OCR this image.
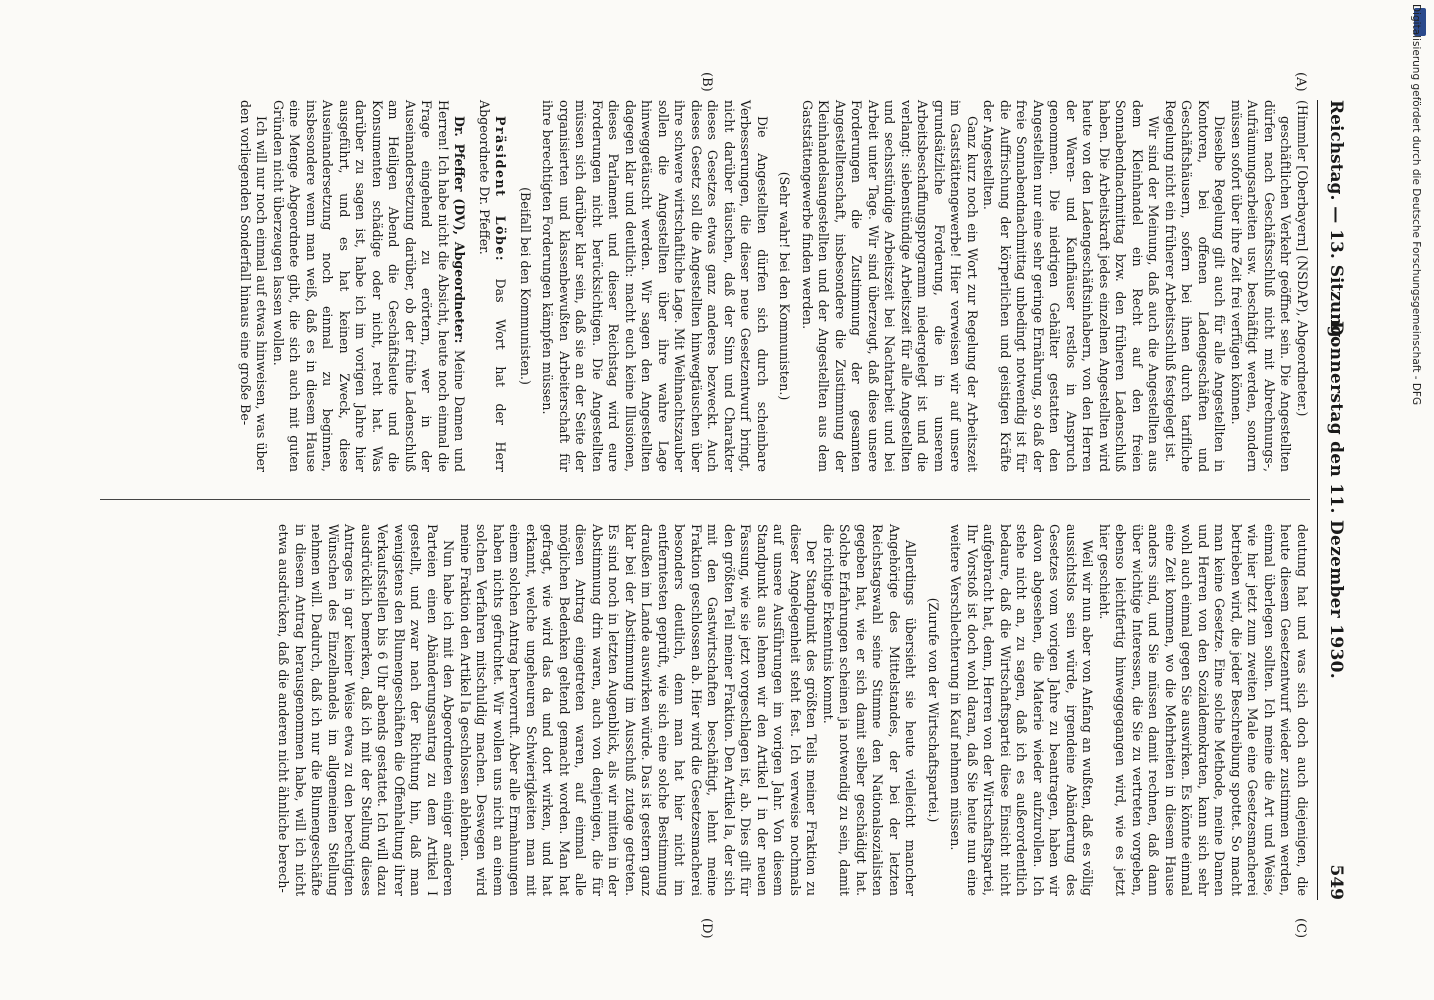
Reichstag. — 13. Sitzung.
Donnerstag den 11. Dezember 1930.
549
(A)
(B)
(C)
(D)

(Himmler [Oberbayern] (NSDAP), Abgeordneter.)

geschäftlichen Verkehr geöffnet sein. Die Angestellten dürfen nach Geschäftsschluß nicht mit Abrechnungs-, Aufräumungsarbeiten usw. beschäftigt werden, sondern müssen sofort über ihre Zeit frei verfügen können.

Dieselbe Regelung gilt auch für alle Angestellten in Kontoren, bei offenen Ladengeschäften und Geschäftshäusern, sofern bei ihnen durch tarifliche Regelung nicht ein früherer Arbeitsschluß festgelegt ist.

Wir sind der Meinung, daß auch die Angestellten aus dem Kleinhandel ein Recht auf den freien Sonnabendnachmittag bzw. den früheren Ladenschluß haben. Die Arbeitskraft jedes einzelnen Angestellten wird heute von den Ladengeschäftsinhabern, von den Herren der Waren- und Kaufhäuser restlos in Anspruch genommen. Die niedrigen Gehälter gestatten den Angestellten nur eine sehr geringe Ernährung, so daß der freie Sonnabendnachmittag unbedingt notwendig ist für die Auffrischung der körperlichen und geistigen Kräfte der Angestellten.

Ganz kurz noch ein Wort zur Regelung der Arbeitszeit im Gaststättengewerbe! Hier verweisen wir auf unsere grundsätzliche Forderung, die in unserem Arbeitsbeschaffungsprogramm niedergelegt ist und die verlangt: siebenstündige Arbeitszeit für alle Angestellten und sechsstündige Arbeitszeit bei Nachtarbeit und bei Arbeit unter Tage. Wir sind überzeugt, daß diese unsere Forderungen die Zustimmung der gesamten Angestelltenschaft, insbesondere die Zustimmung der Kleinhandelsangestellten und der Angestellten aus dem Gaststättengewerbe finden werden.

(Sehr wahr! bei den Kommunisten.)

Die Angestellten dürfen sich durch scheinbare Verbesserungen, die dieser neue Gesetzentwurf bringt, nicht darüber täuschen, daß der Sinn und Charakter dieses Gesetzes etwas ganz anderes bezweckt. Auch dieses Gesetz soll die Angestellten hinwegtäuschen über ihre schwere wirtschaftliche Lage. Mit Weihnachtszauber sollen die Angestellten über ihre wahre Lage hinweggetäuscht werden. Wir sagen den Angestellten dagegen klar und deutlich: macht euch keine Illusionen, dieses Parlament und dieser Reichstag wird eure Forderungen nicht berücksichtigen. Die Angestellten müssen sich darüber klar sein, daß sie an der Seite der organisierten und klassenbewußten Arbeiterschaft für ihre berechtigten Forderungen kämpfen müssen.

(Beifall bei den Kommunisten.)

Präsident Löbe: Das Wort hat der Herr Abgeordnete Dr. Pfeffer.

Dr. Pfeffer (DV), Abgeordneter: Meine Damen und Herren! Ich habe nicht die Absicht, heute noch einmal die Frage eingehend zu erörtern, wer in der Auseinandersetzung darüber, ob der frühe Ladenschluß am Heiligen Abend die Geschäftsleute und die Konsumenten schädige oder nicht, recht hat. Was darüber zu sagen ist, habe ich im vorigen Jahre hier ausgeführt, und es hat keinen Zweck, diese Auseinandersetzung noch einmal zu beginnen, insbesondere wenn man weiß, daß es in diesem Hause eine Menge Abgeordnete gibt, die sich auch mit guten Gründen nicht überzeugen lassen wollen.

Ich will nur noch einmal auf etwas hinweisen, was über den vorliegenden Sonderfall hinaus eine große Be-

deutung hat und was sich doch auch diejenigen, die heute diesem Gesetzentwurf wieder zustimmen werden, einmal überlegen sollten. Ich meine die Art und Weise, wie hier jetzt zum zweiten Male eine Gesetzesmacherei betrieben wird, die jeder Beschreibung spottet. So macht man keine Gesetze. Eine solche Methode, meine Damen und Herren von den Sozialdemokraten, kann sich sehr wohl auch einmal gegen Sie auswirken. Es könnte einmal eine Zeit kommen, wo die Mehrheiten in diesem Hause anders sind, und Sie müssen damit rechnen, daß dann über wichtige Interessen, die Sie zu vertreten vorgeben, ebenso leichtfertig hinweggegangen wird, wie es jetzt hier geschieht.

Weil wir nun aber von Anfang an wußten, daß es völlig aussichtslos sein würde, irgendeine Abänderung des Gesetzes vom vorigen Jahre zu beantragen, haben wir davon abgesehen, die Materie wieder aufzurollen. Ich stehe nicht an, zu sagen, daß ich es außerordentlich bedaure, daß die Wirtschaftspartei diese Einsicht nicht aufgebracht hat, denn, Herren von der Wirtschaftspartei, Ihr Vorstoß ist doch wohl daran, daß Sie heute nun eine weitere Verschlechterung in Kauf nehmen müssen.

(Zurufe von der Wirtschaftspartei.)

Allerdings übersieht sie heute vielleicht mancher Angehörige des Mittelstandes, der bei der letzten Reichstagswahl seine Stimme den Nationalsozialisten gegeben hat, wie er sich damit selber geschädigt hat. Solche Erfahrungen scheinen ja notwendig zu sein, damit die richtige Erkenntnis kommt.

Der Standpunkt des größten Teils meiner Fraktion zu dieser Angelegenheit steht fest. Ich verweise nochmals auf unsere Ausführungen im vorigen Jahr. Von diesem Standpunkt aus lehnen wir den Artikel I in der neuen Fassung, wie sie jetzt vorgeschlagen ist, ab. Dies gilt für den größten Teil meiner Fraktion. Den Artikel Ia, der sich mit den Gastwirtschaften beschäftigt, lehnt meine Fraktion geschlossen ab. Hier wird die Gesetzesmacherei besonders deutlich, denn man hat hier nicht im entferntesten geprüft, wie sich eine solche Bestimmung draußen im Lande auswirken würde. Das ist gestern ganz klar bei der Abstimmung im Ausschuß zutage getreten. Es sind noch in letzten Augenblick, als wir mitten in der Abstimmung drin waren, auch von denjenigen, die für diesen Antrag eingetreten waren, auf einmal alle möglichen Bedenken geltend gemacht worden. Man hat gefragt, wie wird das da und dort wirken, und hat erkannt, welche ungeheuren Schwierigkeiten man mit einem solchen Antrag hervorruft. Aber alle Ermahnungen haben nichts gefruchtet. Wir wollen uns nicht an einem solchen Verfahren mitschuldig machen. Deswegen wird meine Fraktion den Artikel Ia geschlossen ablehnen.

Nun habe ich mit den Abgeordneten einiger anderen Parteien einen Abänderungsantrag zu dem Artikel I gestellt, und zwar nach der Richtung hin, daß man wenigstens den Blumengeschäften die Offenhaltung ihrer Verkaufsstellen bis 6 Uhr abends gestattet. Ich will dazu ausdrücklich bemerken, daß ich mit der Stellung dieses Antrages in gar keiner Weise etwa zu den berechtigten Wünschen des Einzelhandels im allgemeinen Stellung nehmen will. Dadurch, daß ich nur die Blumengeschäfte in diesem Antrag herausgenommen habe, will ich nicht etwa ausdrücken, daß die anderen nicht ähnliche berech-

Digitalisierung gefördert durch die Deutsche Forschungsgemeinschaft - DFG
